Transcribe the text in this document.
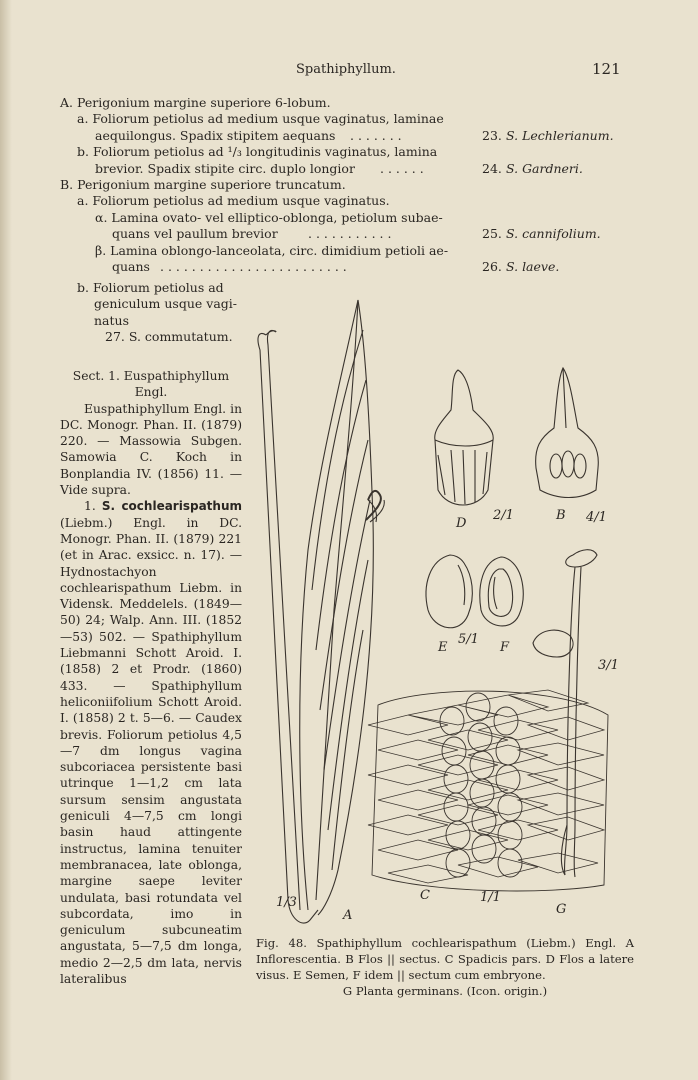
Spathiphyllum.	121
A. Perigonium margine superiore 6-lobum.
a. Foliorum petiolus ad medium usque vaginatus, laminae
aequilongus. Spadix stipitem aequans . . . . . . .	23. S. Lechlerianum.
b. Foliorum petiolus ad ¹/₃ longitudinis vaginatus, lamina
brevior. Spadix stipite circ. duplo longior . . . . . .	24. S. Gardneri.
B. Perigonium margine superiore truncatum.
a. Foliorum petiolus ad medium usque vaginatus.
α. Lamina ovato- vel elliptico-oblonga, petiolum subae-
quans vel paullum brevior . . . . . . . . . . .	25. S. cannifolium.
β. Lamina oblongo-lanceolata, circ. dimidium petioli ae-
quans . . . . . . . . . . . . . . . . . . . . . . . .	26. S. laeve.
b. Foliorum petiolus ad
geniculum usque vagi-
natus
27. S. commutatum.

Sect. 1. Euspathiphyllum Engl.

Euspathiphyllum Engl. in DC. Monogr. Phan. II. (1879) 220. — Massowia Subgen. Samowia C. Koch in Bonplandia IV. (1856) 11. — Vide supra.

1. S. cochlearispathum (Liebm.) Engl. in DC. Monogr. Phan. II. (1879) 221 (et in Arac. exsicc. n. 17). — Hydnostachyon cochlearispathum Liebm. in Vidensk. Meddelels. (1849—50) 24; Walp. Ann. III. (1852—53) 502. — Spathiphyllum Liebmanni Schott Aroid. I. (1858) 2 et Prodr. (1860) 433. — Spathiphyllum heliconiifolium Schott Aroid. I. (1858) 2 t. 5—6. — Caudex brevis. Foliorum petiolus 4,5—7 dm longus vagina subcoriacea persistente basi utrinque 1—1,2 cm lata sursum sensim angustata geniculi 4—7,5 cm longi basin haud attingente instructus, lamina tenuiter membranacea, late oblonga, margine saepe leviter undulata, basi rotundata vel subcordata, imo in geniculum subcuneatim angustata, 5—7,5 dm longa, medio 2—2,5 dm lata, nervis lateralibus

1/3
A
D
2/1	B 4/1
E
5/1
F
3/1
C	1/1
G
Fig. 48. Spathiphyllum cochlearispathum (Liebm.) Engl. A Inflorescentia. B Flos || sectus. C Spadicis pars. D Flos a latere visus. E Semen, F idem || sectum cum embryone.
G Planta germinans. (Icon. origin.)
